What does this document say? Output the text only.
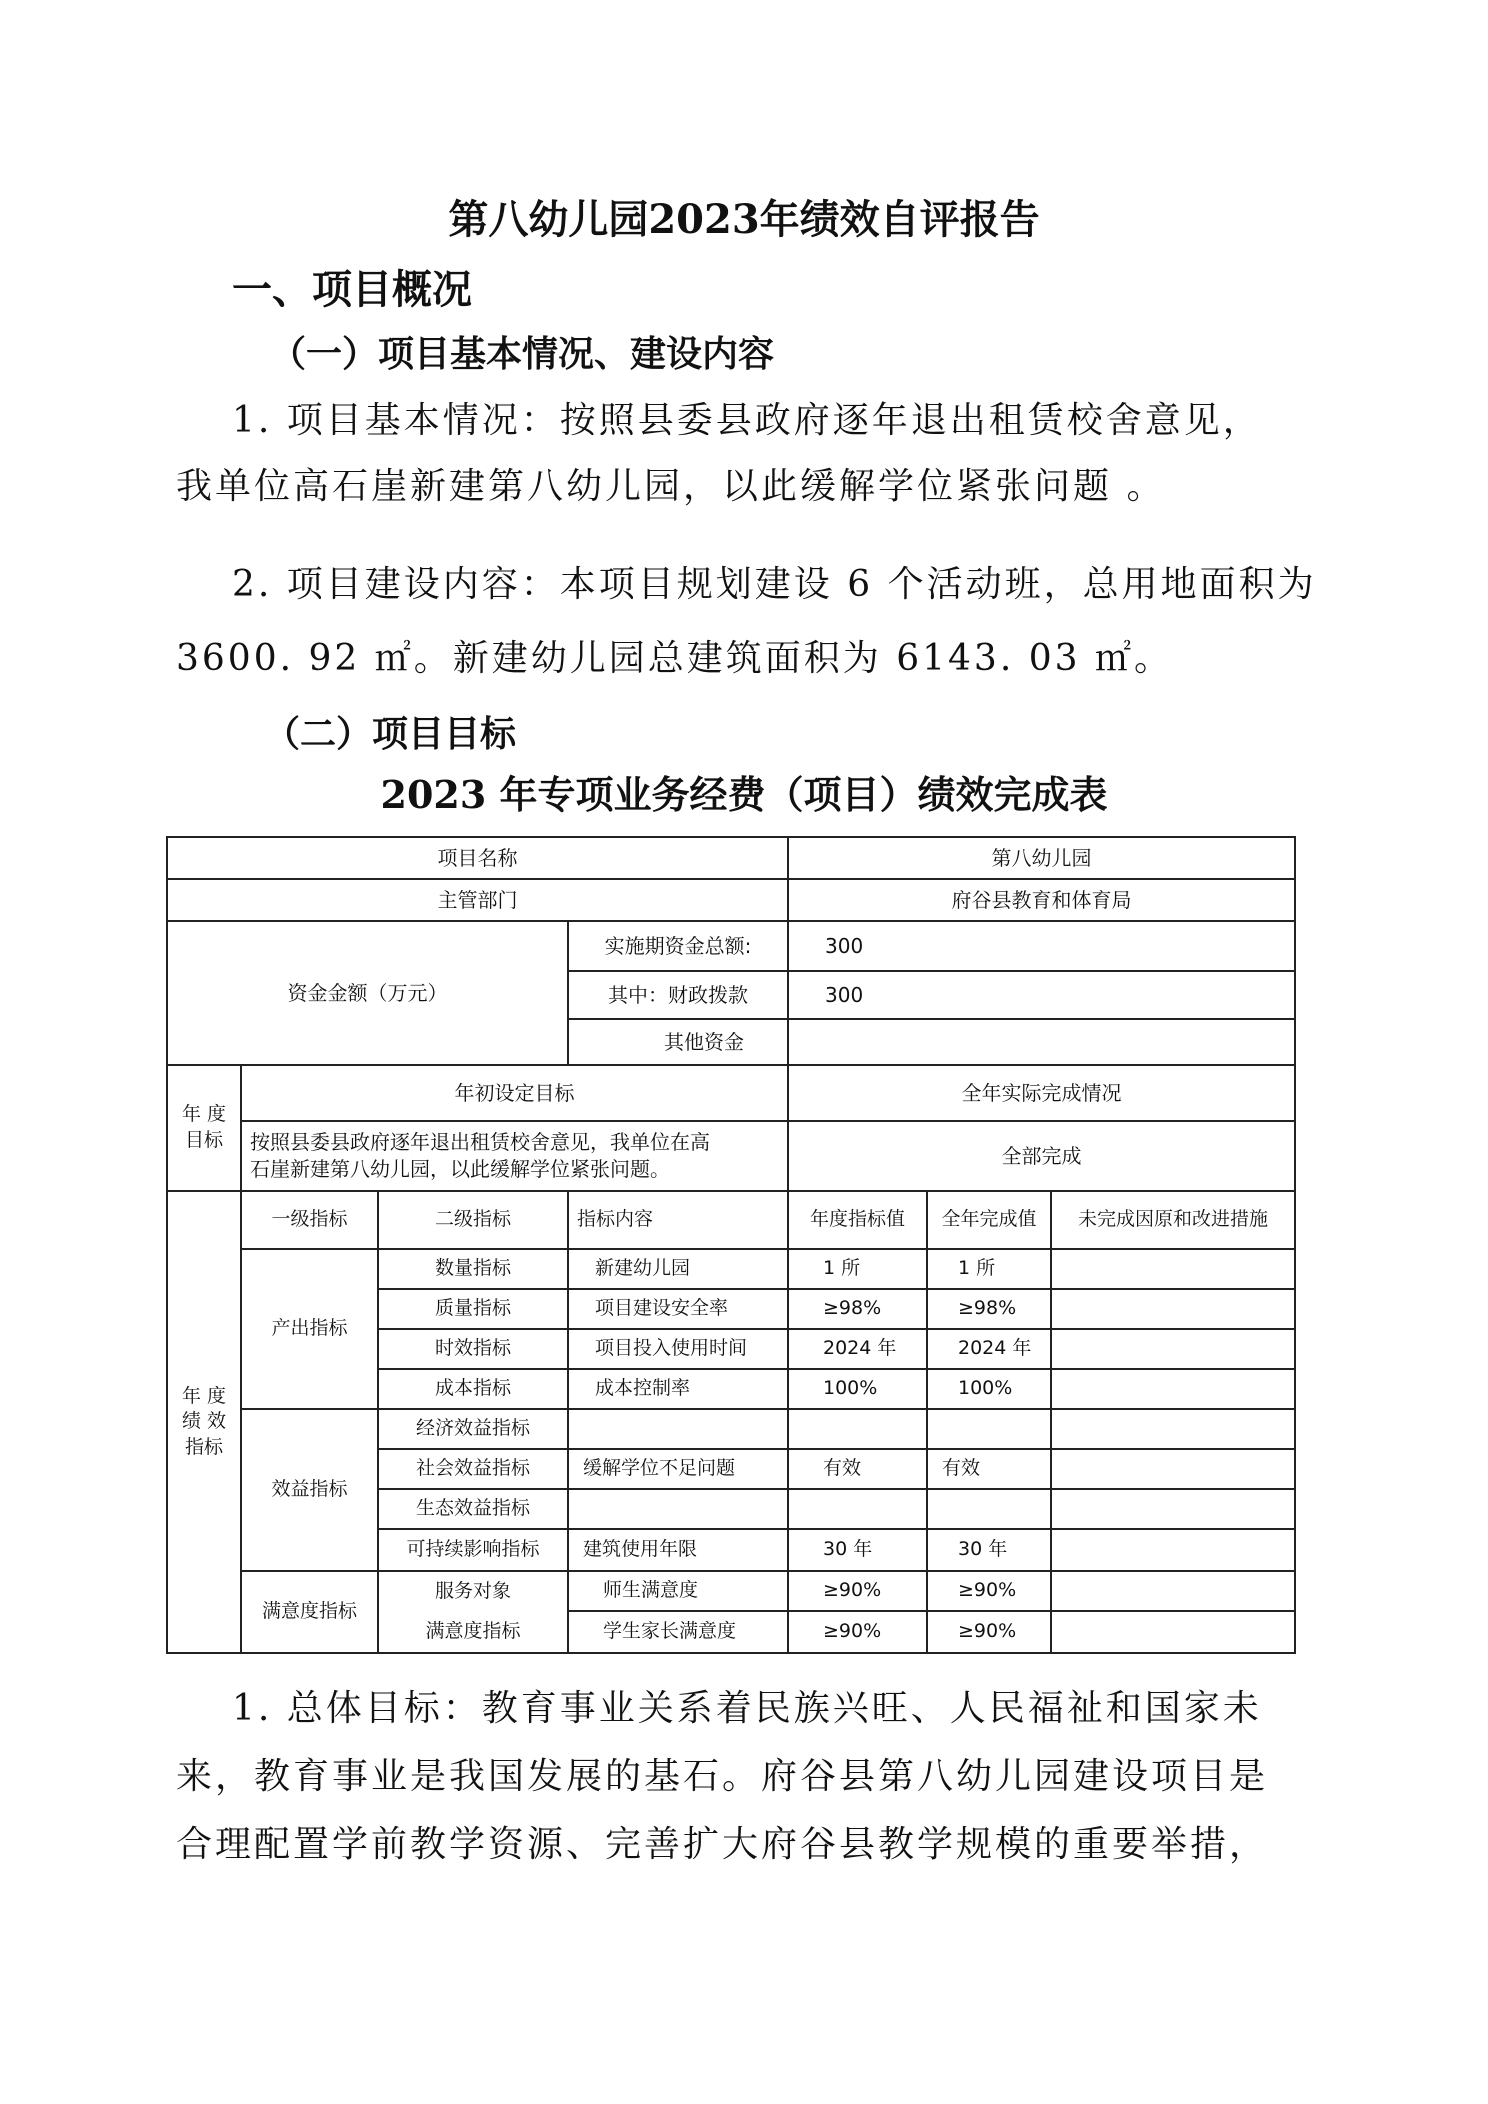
第八幼儿园2023年绩效自评报告
一、项目概况
（一）项目基本情况、建设内容
1. 项目基本情况：按照县委县政府逐年退出租赁校舍意见，
我单位高石崖新建第八幼儿园，以此缓解学位紧张问题 。
2. 项目建设内容：本项目规划建设 6 个活动班，总用地面积为
3600. 92 ㎡。新建幼儿园总建筑面积为 6143. 03 ㎡。
（二）项目目标
2023 年专项业务经费（项目）绩效完成表
项目名称				第八幼儿园		
主管部门				府谷县教育和体育局		
资金金额（万元）			实施期资金总额:	300		
			其中：财政拨款	300		
			其他资金			
年 度
目标	年初设定目标			全年实际完成情况		
	按照县委县政府逐年退出租赁校舍意见，我单位在高
石崖新建第八幼儿园，以此缓解学位紧张问题。			全部完成		
年 度
绩 效
指标	一级指标	二级指标	指标内容	年度指标值	全年完成值	未完成因原和改进措施
	产出指标	数量指标	新建幼儿园	1 所	1 所	
		质量指标	项目建设安全率	≥98%	≥98%	
		时效指标	项目投入使用时间	2024 年	2024 年	
		成本指标	成本控制率	100%	100%	
	效益指标	经济效益指标				
		社会效益指标	缓解学位不足问题	有效	有效	
		生态效益指标				
		可持续影响指标	建筑使用年限	30 年	30 年	
	满意度指标	服务对象	师生满意度	≥90%	≥90%	
		满意度指标	学生家长满意度	≥90%	≥90%	
1. 总体目标：教育事业关系着民族兴旺、人民福祉和国家未
来，教育事业是我国发展的基石。府谷县第八幼儿园建设项目是
合理配置学前教学资源、完善扩大府谷县教学规模的重要举措，
